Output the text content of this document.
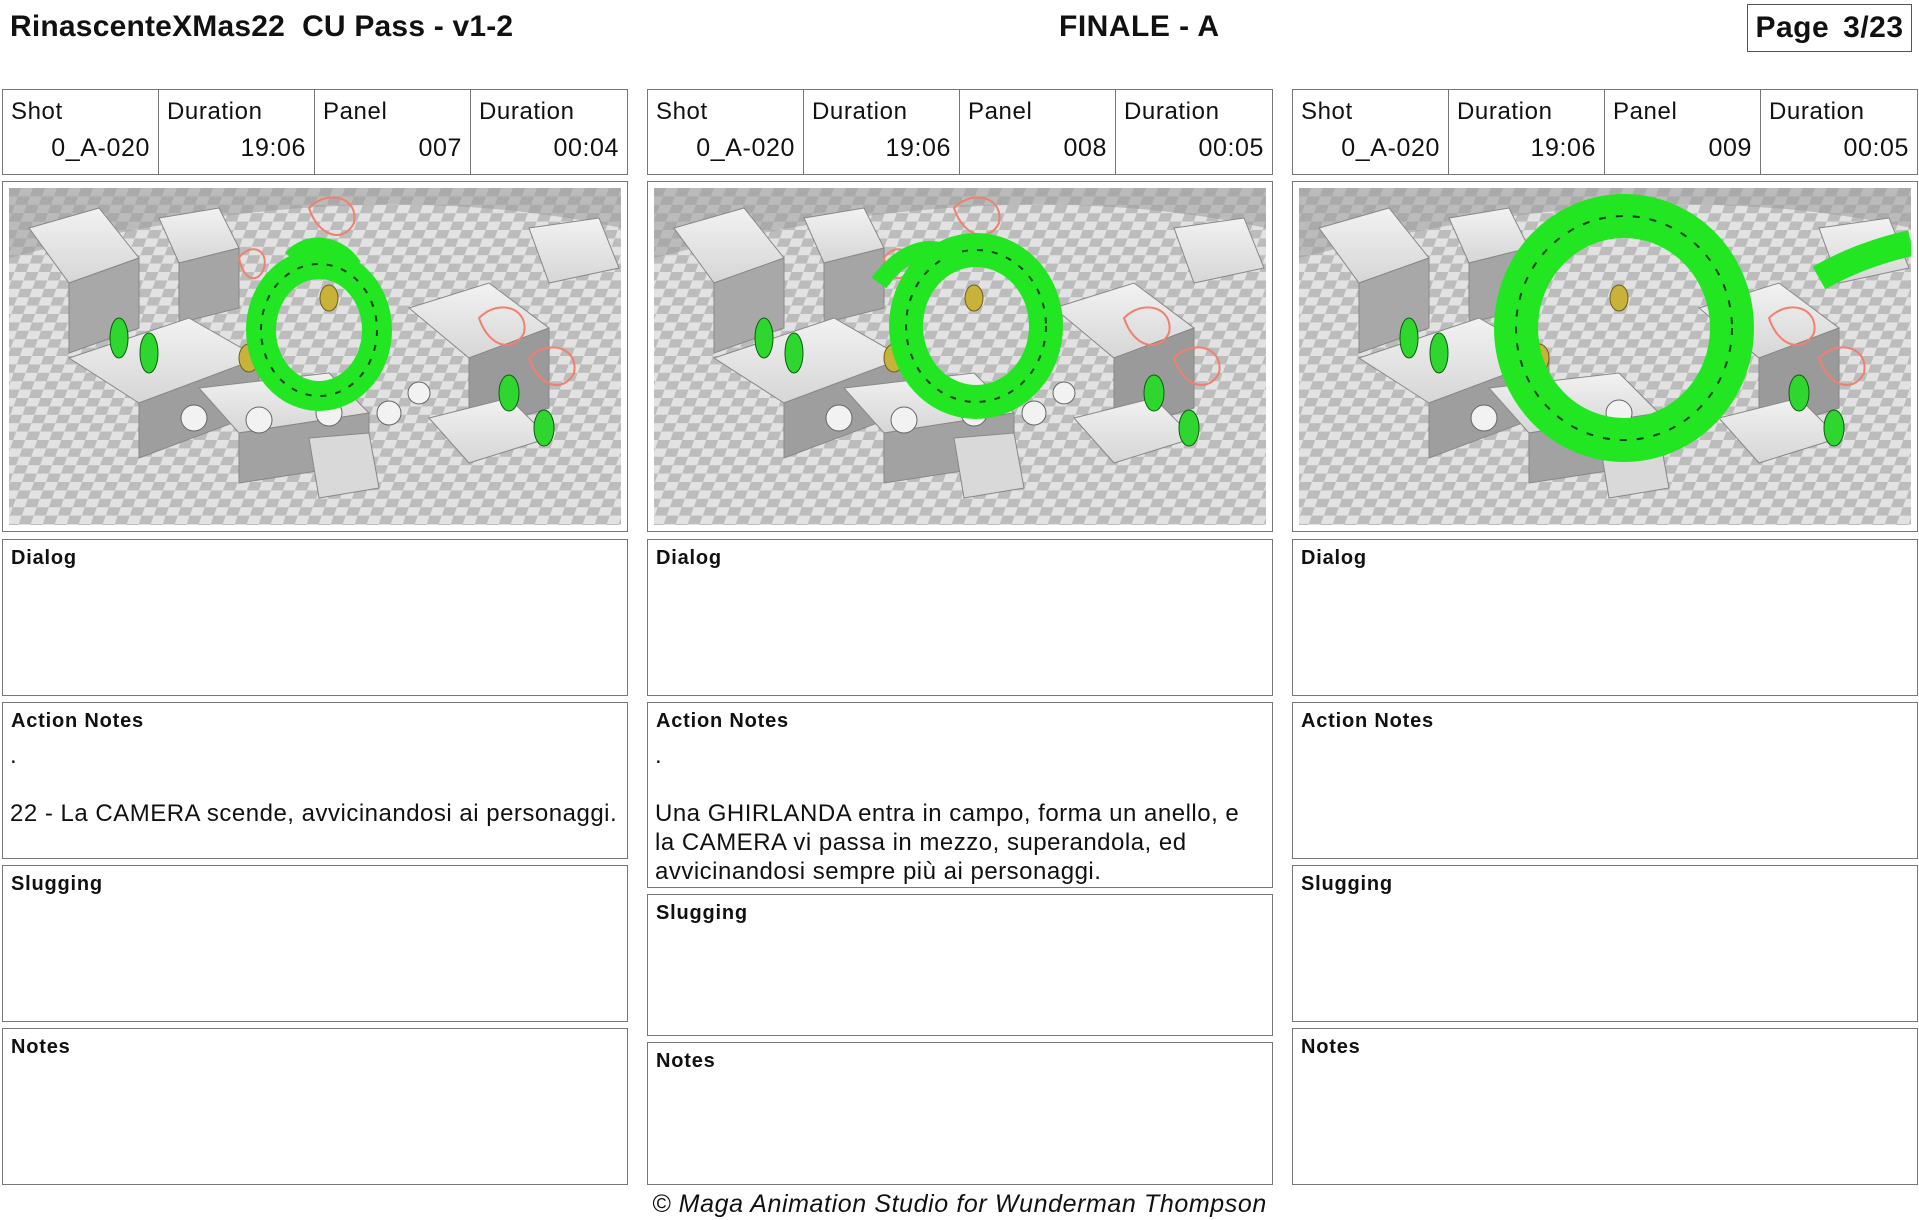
RinascenteXMas22  CU Pass - v1-2	FINALE - A	Page 3/23
Shot
0_A-020
Duration
19:06
Panel
007
Duration
00:04
Dialog
Action Notes
.

22 - La CAMERA scende, avvicinandosi ai personaggi.
Slugging
Notes
Shot
0_A-020
Duration
19:06
Panel
008
Duration
00:05
Dialog
Action Notes
.

Una GHIRLANDA entra in campo, forma un anello, e la CAMERA vi passa in mezzo, superandola, ed avvicinandosi sempre più ai personaggi.
Slugging
Notes
Shot
0_A-020
Duration
19:06
Panel
009
Duration
00:05
Dialog
Action Notes
Slugging
Notes
© Maga Animation Studio for Wunderman Thompson
